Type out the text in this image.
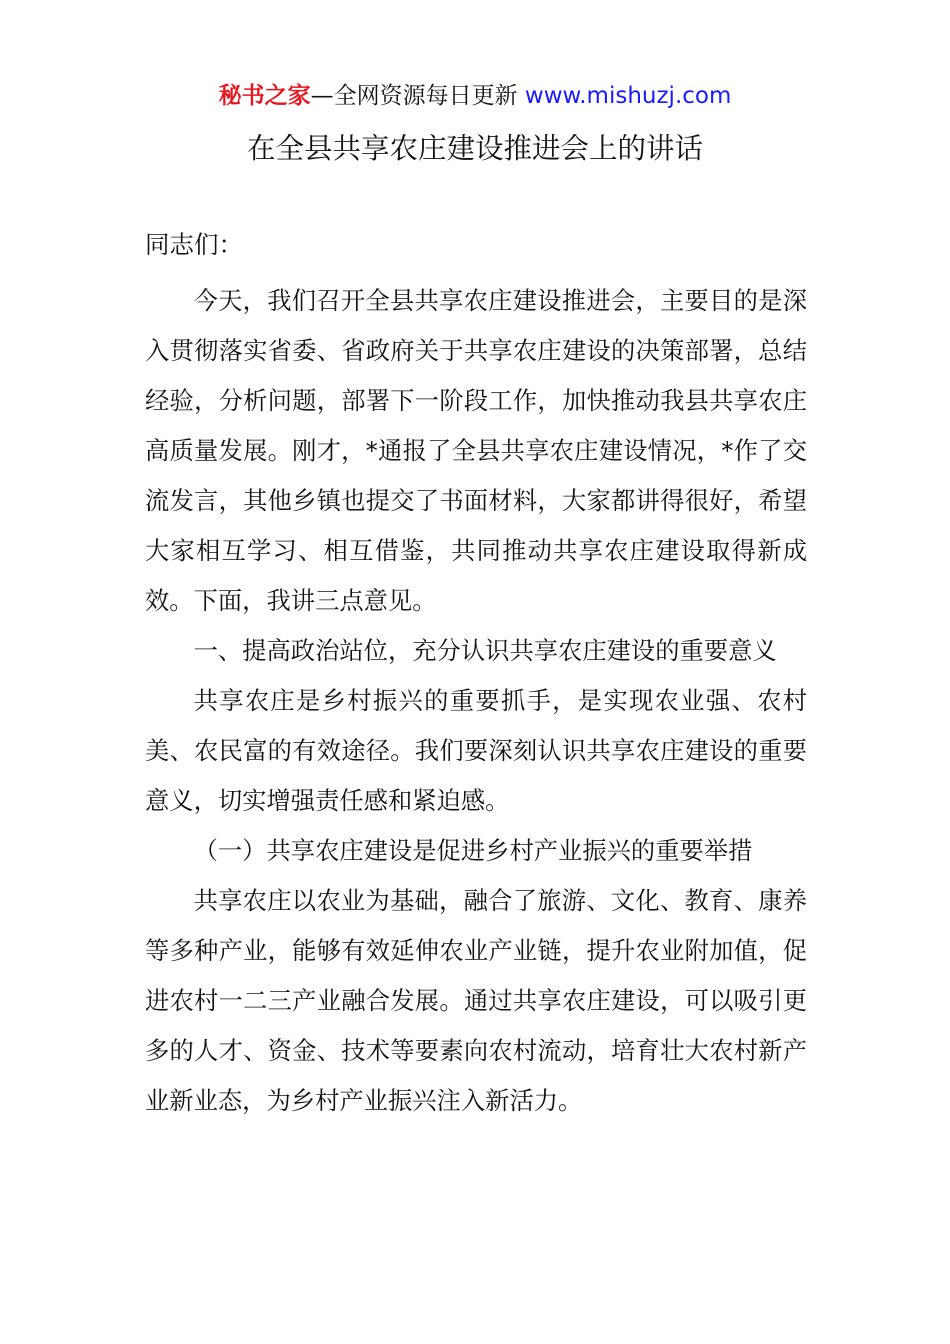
秘书之家—全网资源每日更新 www.mishuzj.com
在全县共享农庄建设推进会上的讲话
同志们：

今天，我们召开全县共享农庄建设推进会，主要目的是深入贯彻落实省委、省政府关于共享农庄建设的决策部署，总结经验，分析问题，部署下一阶段工作，加快推动我县共享农庄高质量发展。刚才，*通报了全县共享农庄建设情况，*作了交流发言，其他乡镇也提交了书面材料，大家都讲得很好，希望大家相互学习、相互借鉴，共同推动共享农庄建设取得新成效。下面，我讲三点意见。

一、提高政治站位，充分认识共享农庄建设的重要意义

共享农庄是乡村振兴的重要抓手，是实现农业强、农村美、农民富的有效途径。我们要深刻认识共享农庄建设的重要意义，切实增强责任感和紧迫感。

（一）共享农庄建设是促进乡村产业振兴的重要举措

共享农庄以农业为基础，融合了旅游、文化、教育、康养等多种产业，能够有效延伸农业产业链，提升农业附加值，促进农村一二三产业融合发展。通过共享农庄建设，可以吸引更多的人才、资金、技术等要素向农村流动，培育壮大农村新产业新业态，为乡村产业振兴注入新活力。
